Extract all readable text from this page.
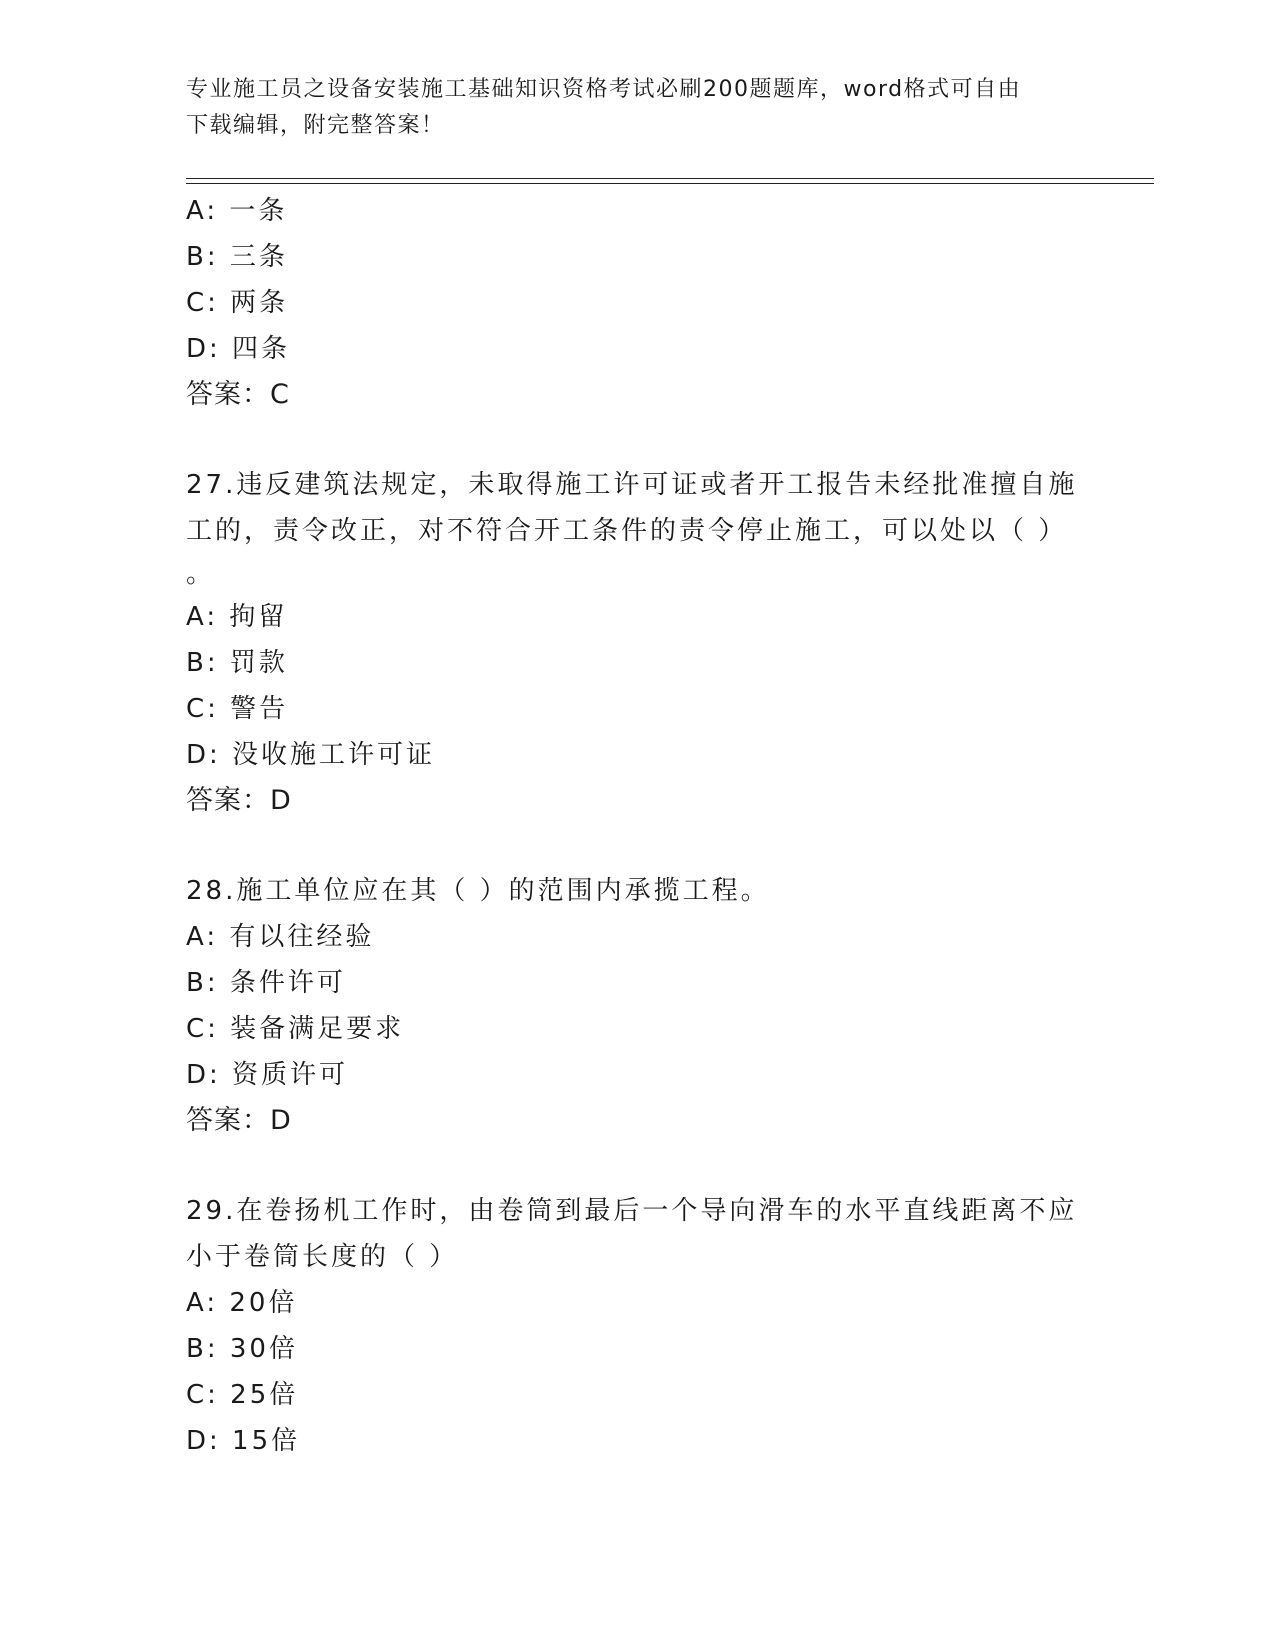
专业施工员之设备安装施工基础知识资格考试必刷200题题库，word格式可自由
下载编辑，附完整答案！
A: 一条
B: 三条
C: 两条
D: 四条
答案：C
27.违反建筑法规定，未取得施工许可证或者开工报告未经批准擅自施
工的，责令改正，对不符合开工条件的责令停止施工，可以处以（ ）
。
A: 拘留
B: 罚款
C: 警告
D: 没收施工许可证
答案：D
28.施工单位应在其（ ）的范围内承揽工程。
A: 有以往经验
B: 条件许可
C: 装备满足要求
D: 资质许可
答案：D
29.在卷扬机工作时，由卷筒到最后一个导向滑车的水平直线距离不应
小于卷筒长度的（ ）
A: 20倍
B: 30倍
C: 25倍
D: 15倍
